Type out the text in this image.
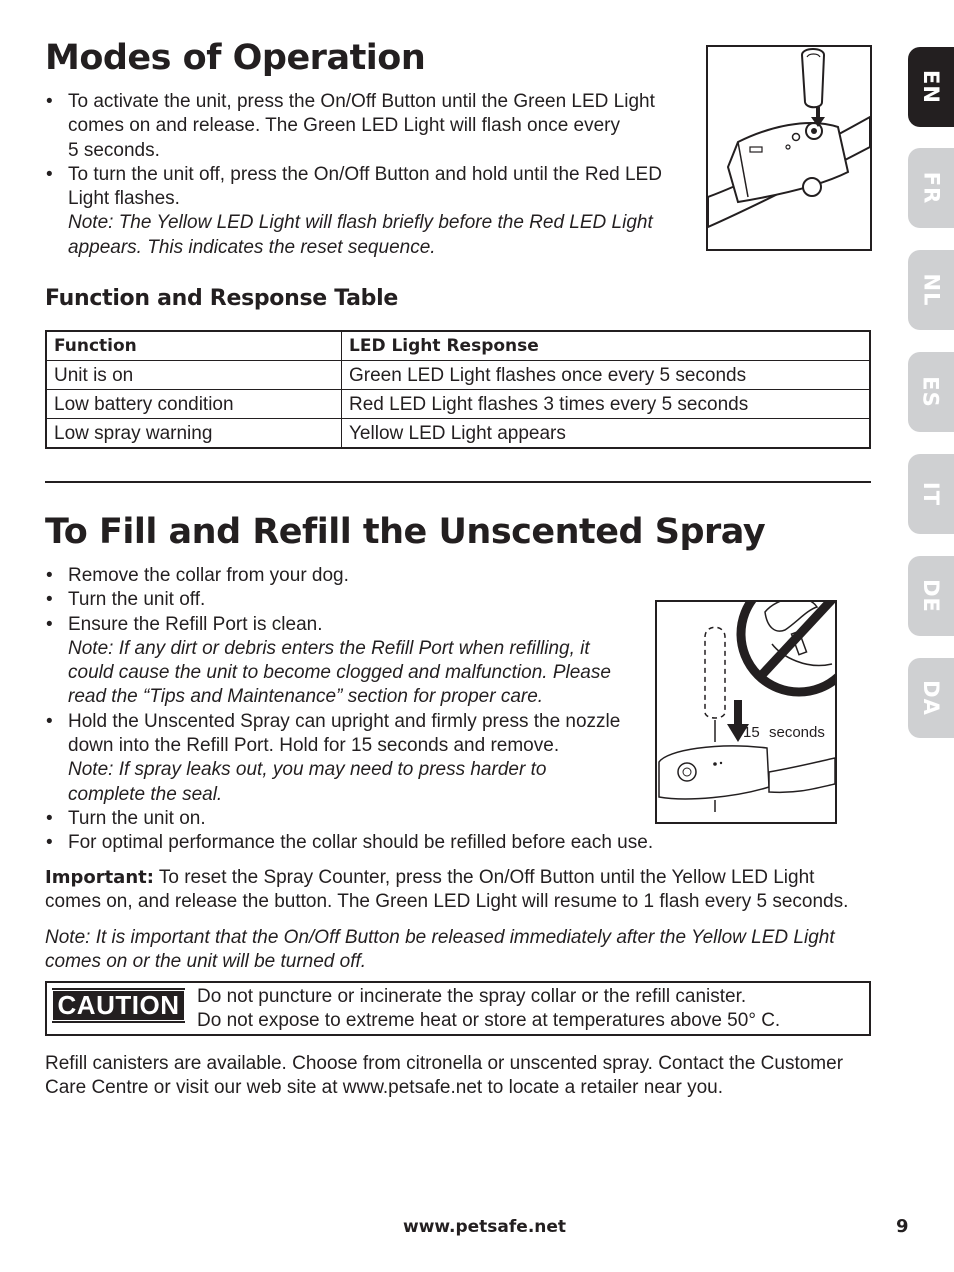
EN
FR
NL
ES
IT
DE
DA
Modes of Operation
• To activate the unit, press the On/Off Button until the Green LED Light
comes on and release. The Green LED Light will flash once every
5 seconds.
• To turn the unit off, press the On/Off Button and hold until the Red LED
Light flashes.
Note: The Yellow LED Light will flash briefly before the Red LED Light
appears. This indicates the reset sequence.
Function and Response Table
Function	LED Light Response
Unit is on	Green LED Light flashes once every 5 seconds
Low battery condition	Red LED Light flashes 3 times every 5 seconds
Low spray warning	Yellow LED Light appears
To Fill and Refill the Unscented Spray
• Remove the collar from your dog.
• Turn the unit off.
• Ensure the Refill Port is clean.
Note: If any dirt or debris enters the Refill Port when refilling, it
could cause the unit to become clogged and malfunction. Please
read the “Tips and Maintenance” section for proper care.
• Hold the Unscented Spray can upright and firmly press the nozzle
down into the Refill Port. Hold for 15 seconds and remove.
Note: If spray leaks out, you may need to press harder to
complete the seal.
• Turn the unit on.
• For optimal performance the collar should be refilled before each use.
15 seconds
Important: To reset the Spray Counter, press the On/Off Button until the Yellow LED Light
comes on, and release the button. The Green LED Light will resume to 1 flash every 5 seconds.
Note: It is important that the On/Off Button be released immediately after the Yellow LED Light
comes on or the unit will be turned off.
CAUTION Do not puncture or incinerate the spray collar or the refill canister.
Do not expose to extreme heat or store at temperatures above 50° C.
Refill canisters are available. Choose from citronella or unscented spray. Contact the Customer
Care Centre or visit our web site at www.petsafe.net to locate a retailer near you.
www.petsafe.net	9
